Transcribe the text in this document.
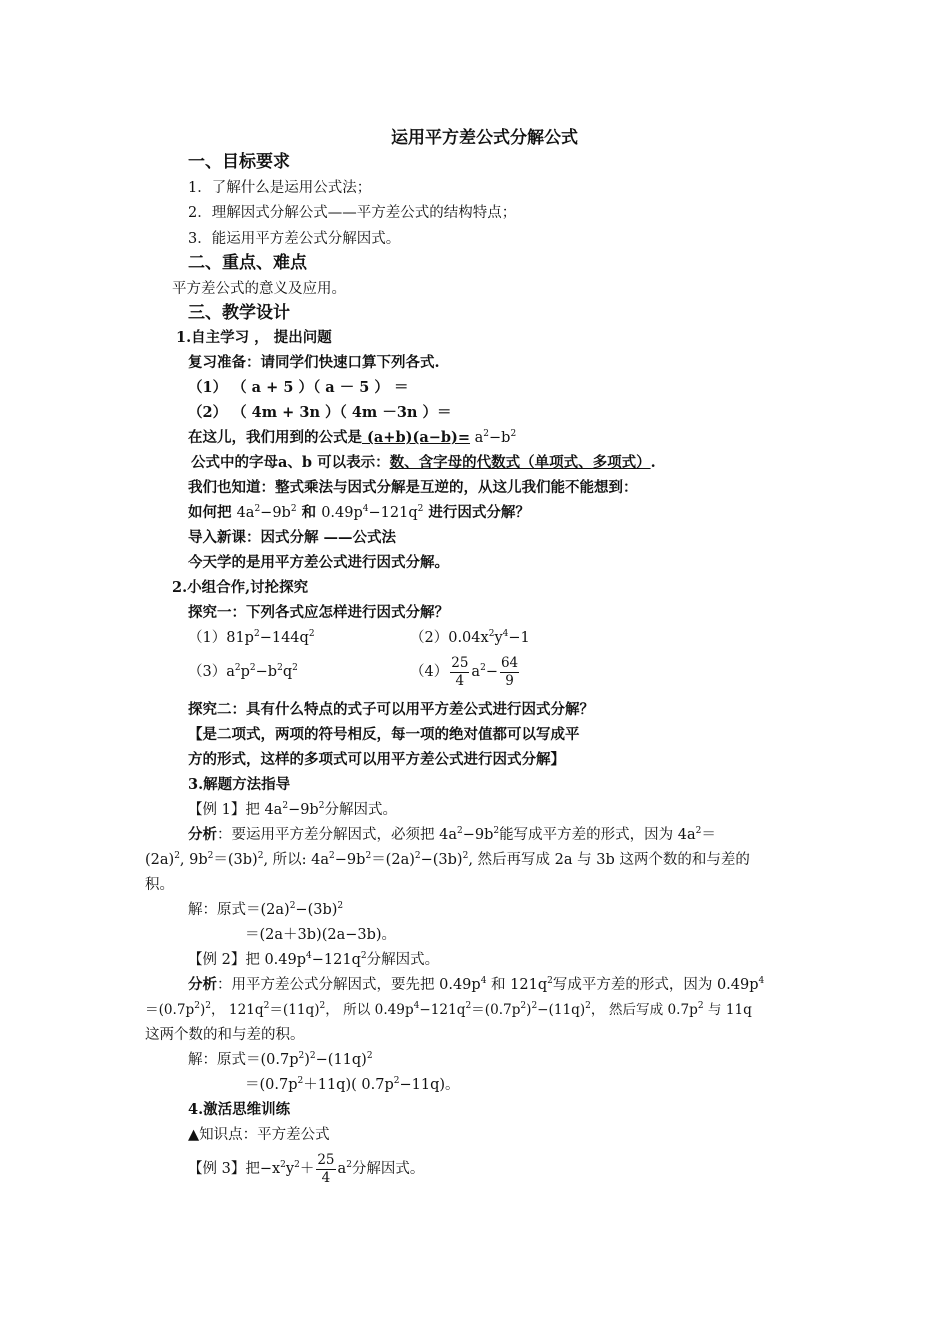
运用平方差公式分解公式
一、目标要求
1．了解什么是运用公式法；
2．理解因式分解公式——平方差公式的结构特点；
3．能运用平方差公式分解因式。
二、重点、难点
平方差公式的意义及应用。
三、教学设计
1.自主学习 ， 提出问题
复习准备：请同学们快速口算下列各式.
（1） （ a + 5 ）（ a － 5 ） ＝
（2） （ 4m + 3n ）（ 4m －3n ）＝
在这儿，我们用到的公式是 $(a+b)(a-b)= a^2-b^2$
公式中的字母a、b 可以表示：数、含字母的代数式（单项式、多项式）.
我们也知道：整式乘法与因式分解是互逆的，从这儿我们能不能想到：
如何把 $4a^2-9b^2$ 和 $0.49p^4-121q^2$ 进行因式分解？
导入新课：因式分解 ——公式法
今天学的是用平方差公式进行因式分解。
2.小组合作,讨抡探究
探究一：下列各式应怎样进行因式分解？
$(1)81p^2-144q^2$	$(2)0.04x^2y^4-1$
$(3)a^2p^2-b^2q^2$	$(4) \frac{25}{4} a^2- \frac{64}{9}$
探究二：具有什么特点的式子可以用平方差公式进行因式分解？
【是二项式，两项的符号相反，每一项的绝对值都可以写成平
方的形式，这样的多项式可以用平方差公式进行因式分解】
3.解题方法指导
【例 1】把 $4a^2-9b^2$分解因式。
分析：要运用平方差分解因式，必须把 $4a^2-9b^2$能写成平方差的形式，因为 $4a^2=$
$(2a)^2$, $9b^2=(3b)^2$, 所以: $4a^2-9b^2=(2a)^2-(3b)^2$, 然后再写成 2a 与 3b 这两个数的和与差的
积。
解：原式$=(2a)^2-(3b)^2$
＝(2a＋3b)(2a−3b)。
【例 2】把 $0.49p^4-121q^2$分解因式。
分析：用平方差公式分解因式，要先把 $0.49p^4$ 和 $121q^2$写成平方差的形式，因为 $0.49p^4$
$=(0.7p^2)^2$， $121q^2=(11q)^2$， 所以 $0.49p^4-121q^2=(0.7p^2)^2-(11q)^2$， 然后写成 $0.7p^2$ 与 11q
这两个数的和与差的积。
解：原式$=(0.7p^2)^2-(11q)^2$
$=(0.7p^2+11q)$( $0.7p^2-11q$)。
4.激活思维训练
▲知识点：平方差公式
【例 3】把$-x^2y^2+ \frac{25}{4} a^2$分解因式。
